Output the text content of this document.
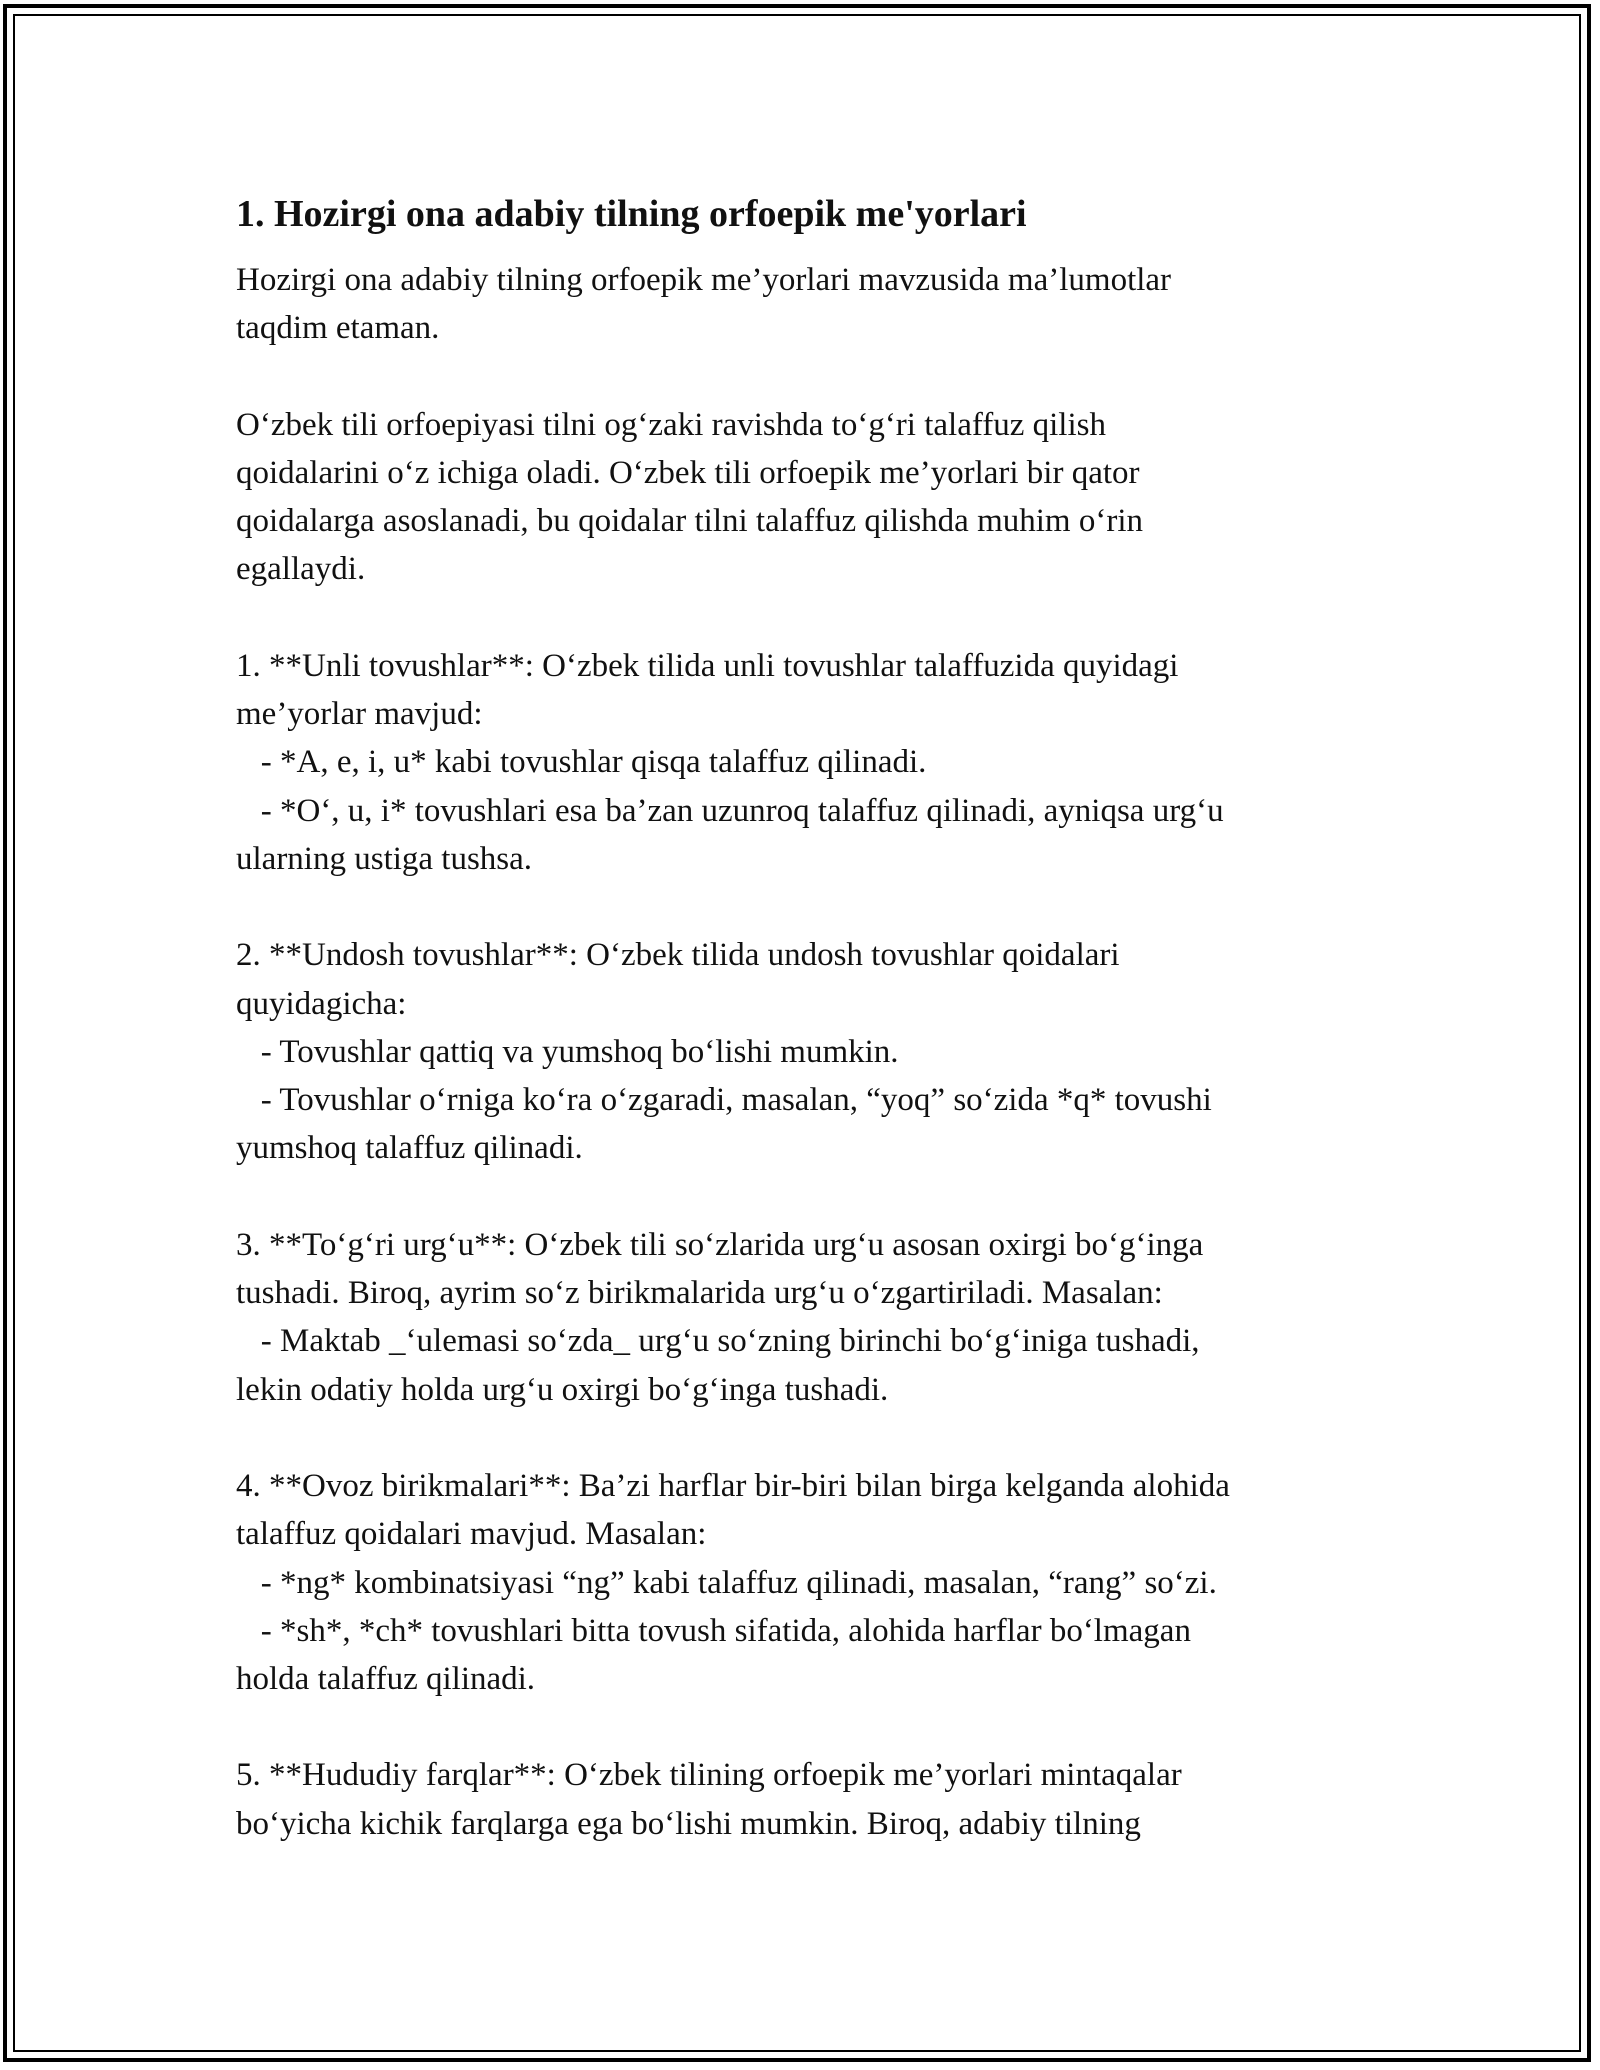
1. Hozirgi ona adabiy tilning orfoepik me'yorlari
Hozirgi ona adabiy tilning orfoepik me’yorlari mavzusida ma’lumotlar
taqdim etaman.
O‘zbek tili orfoepiyasi tilni og‘zaki ravishda to‘g‘ri talaffuz qilish
qoidalarini o‘z ichiga oladi. O‘zbek tili orfoepik me’yorlari bir qator
qoidalarga asoslanadi, bu qoidalar tilni talaffuz qilishda muhim o‘rin
egallaydi.
1. **Unli tovushlar**: O‘zbek tilida unli tovushlar talaffuzida quyidagi
me’yorlar mavjud:
- *A, e, i, u* kabi tovushlar qisqa talaffuz qilinadi.
- *O‘, u, i* tovushlari esa ba’zan uzunroq talaffuz qilinadi, ayniqsa urg‘u
ularning ustiga tushsa.
2. **Undosh tovushlar**: O‘zbek tilida undosh tovushlar qoidalari
quyidagicha:
- Tovushlar qattiq va yumshoq bo‘lishi mumkin.
- Tovushlar o‘rniga ko‘ra o‘zgaradi, masalan, “yoq” so‘zida *q* tovushi
yumshoq talaffuz qilinadi.
3. **To‘g‘ri urg‘u**: O‘zbek tili so‘zlarida urg‘u asosan oxirgi bo‘g‘inga
tushadi. Biroq, ayrim so‘z birikmalarida urg‘u o‘zgartiriladi. Masalan:
- Maktab _‘ulemasi so‘zda_ urg‘u so‘zning birinchi bo‘g‘iniga tushadi,
lekin odatiy holda urg‘u oxirgi bo‘g‘inga tushadi.
4. **Ovoz birikmalari**: Ba’zi harflar bir-biri bilan birga kelganda alohida
talaffuz qoidalari mavjud. Masalan:
- *ng* kombinatsiyasi “ng” kabi talaffuz qilinadi, masalan, “rang” so‘zi.
- *sh*, *ch* tovushlari bitta tovush sifatida, alohida harflar bo‘lmagan
holda talaffuz qilinadi.
5. **Hududiy farqlar**: O‘zbek tilining orfoepik me’yorlari mintaqalar
bo‘yicha kichik farqlarga ega bo‘lishi mumkin. Biroq, adabiy tilning
